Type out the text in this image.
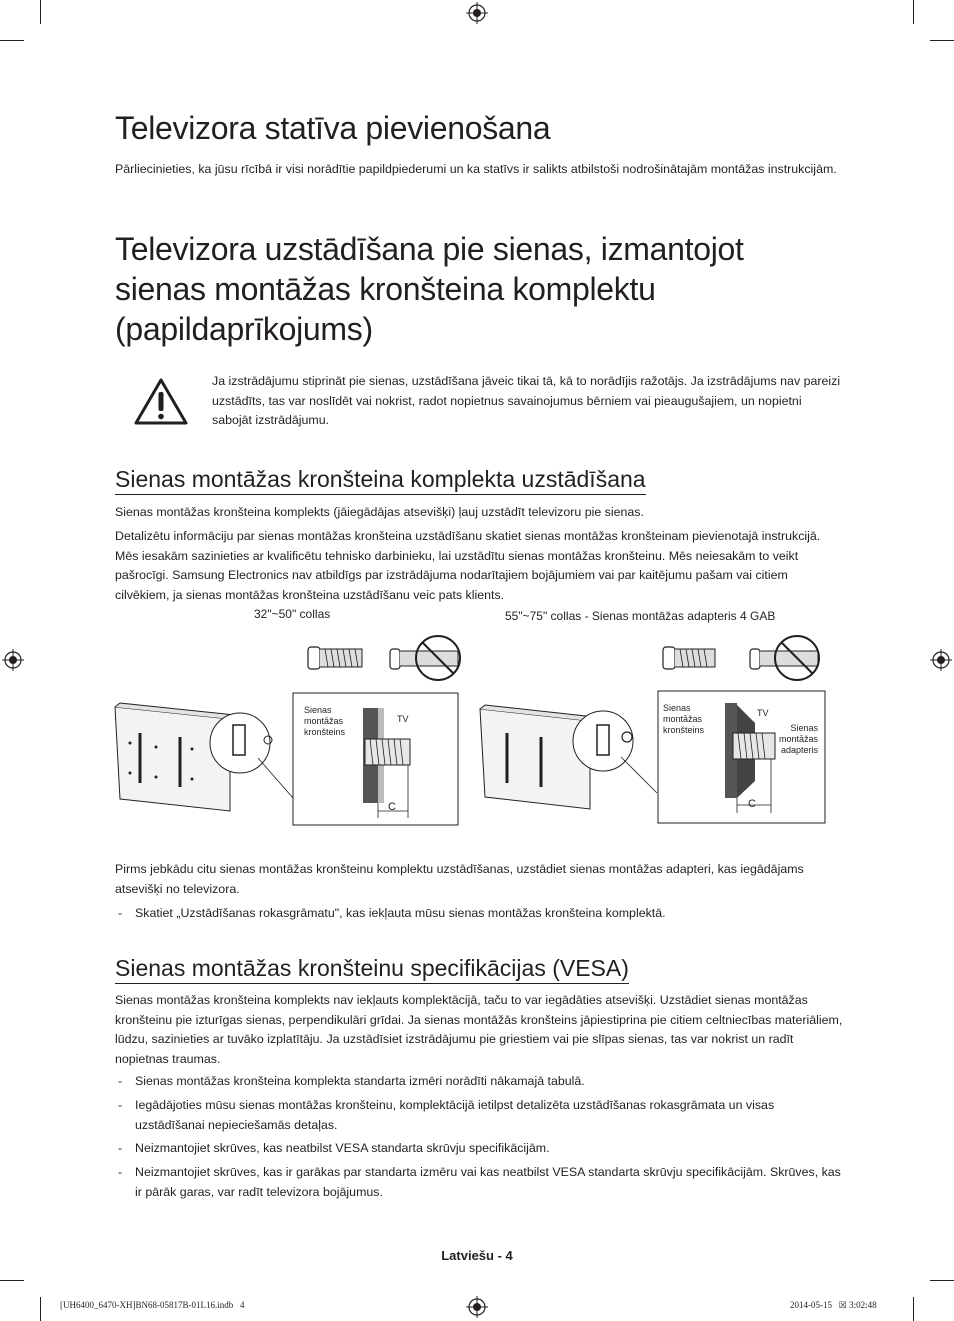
Televizora statīva pievienošana
Pārliecinieties, ka jūsu rīcībā ir visi norādītie papildpiederumi un ka statīvs ir salikts atbilstoši nodrošinātajām montāžas instrukcijām.
Televizora uzstādīšana pie sienas, izmantojot
sienas montāžas kronšteina komplektu
(papildaprīkojums)
Ja izstrādājumu stiprināt pie sienas, uzstādīšana jāveic tikai tā, kā to norādījis ražotājs. Ja izstrādājums nav pareizi uzstādīts, tas var noslīdēt vai nokrist, radot nopietnus savainojumus bērniem vai pieaugušajiem, un nopietni sabojāt izstrādājumu.
Sienas montāžas kronšteina komplekta uzstādīšana
Sienas montāžas kronšteina komplekts (jāiegādājas atsevišķi) ļauj uzstādīt televizoru pie sienas.
Detalizētu informāciju par sienas montāžas kronšteina uzstādīšanu skatiet sienas montāžas kronšteinam pievienotajā instrukcijā. Mēs iesakām sazinieties ar kvalificētu tehnisko darbinieku, lai uzstādītu sienas montāžas kronšteinu. Mēs neiesakām to veikt pašrocīgi. Samsung Electronics nav atbildīgs par izstrādājuma nodarītajiem bojājumiem vai par kaitējumu pašam vai citiem cilvēkiem, ja sienas montāžas kronšteina uzstādīšanu veic pats klients.
32"~50" collas	55"~75" collas - Sienas montāžas adapteris 4 GAB
Sienas
montāžas
kronšteins
TV
C
Sienas
montāžas
kronšteins
TV
Sienas
montāžas
adapteris
C
Pirms jebkādu citu sienas montāžas kronšteinu komplektu uzstādīšanas, uzstādiet sienas montāžas adapteri, kas iegādājams atsevišķi no televizora.
- Skatiet „Uzstādīšanas rokasgrāmatu", kas iekļauta mūsu sienas montāžas kronšteina komplektā.
Sienas montāžas kronšteinu specifikācijas (VESA)
Sienas montāžas kronšteina komplekts nav iekļauts komplektācijā, taču to var iegādāties atsevišķi. Uzstādiet sienas montāžas kronšteinu pie izturīgas sienas, perpendikulāri grīdai. Ja sienas montāžās kronšteins jāpiestiprina pie citiem celtniecības materiāliem, lūdzu, sazinieties ar tuvāko izplatītāju. Ja uzstādīsiet izstrādājumu pie griestiem vai pie slīpas sienas, tas var nokrist un radīt nopietnas traumas.
- Sienas montāžas kronšteina komplekta standarta izmēri norādīti nākamajā tabulā.
- Iegādājoties mūsu sienas montāžas kronšteinu, komplektācijā ietilpst detalizēta uzstādīšanas rokasgrāmata un visas uzstādīšanai nepieciešamās detaļas.
- Neizmantojiet skrūves, kas neatbilst VESA standarta skrūvju specifikācijām.
- Neizmantojiet skrūves, kas ir garākas par standarta izmēru vai kas neatbilst VESA standarta skrūvju specifikācijām. Skrūves, kas ir pārāk garas, var radīt televizora bojājumus.
Latviešu - 4
[UH6400_6470-XH]BN68-05817B-01L16.indb   4	2014-05-15   ☒ 3:02:48
